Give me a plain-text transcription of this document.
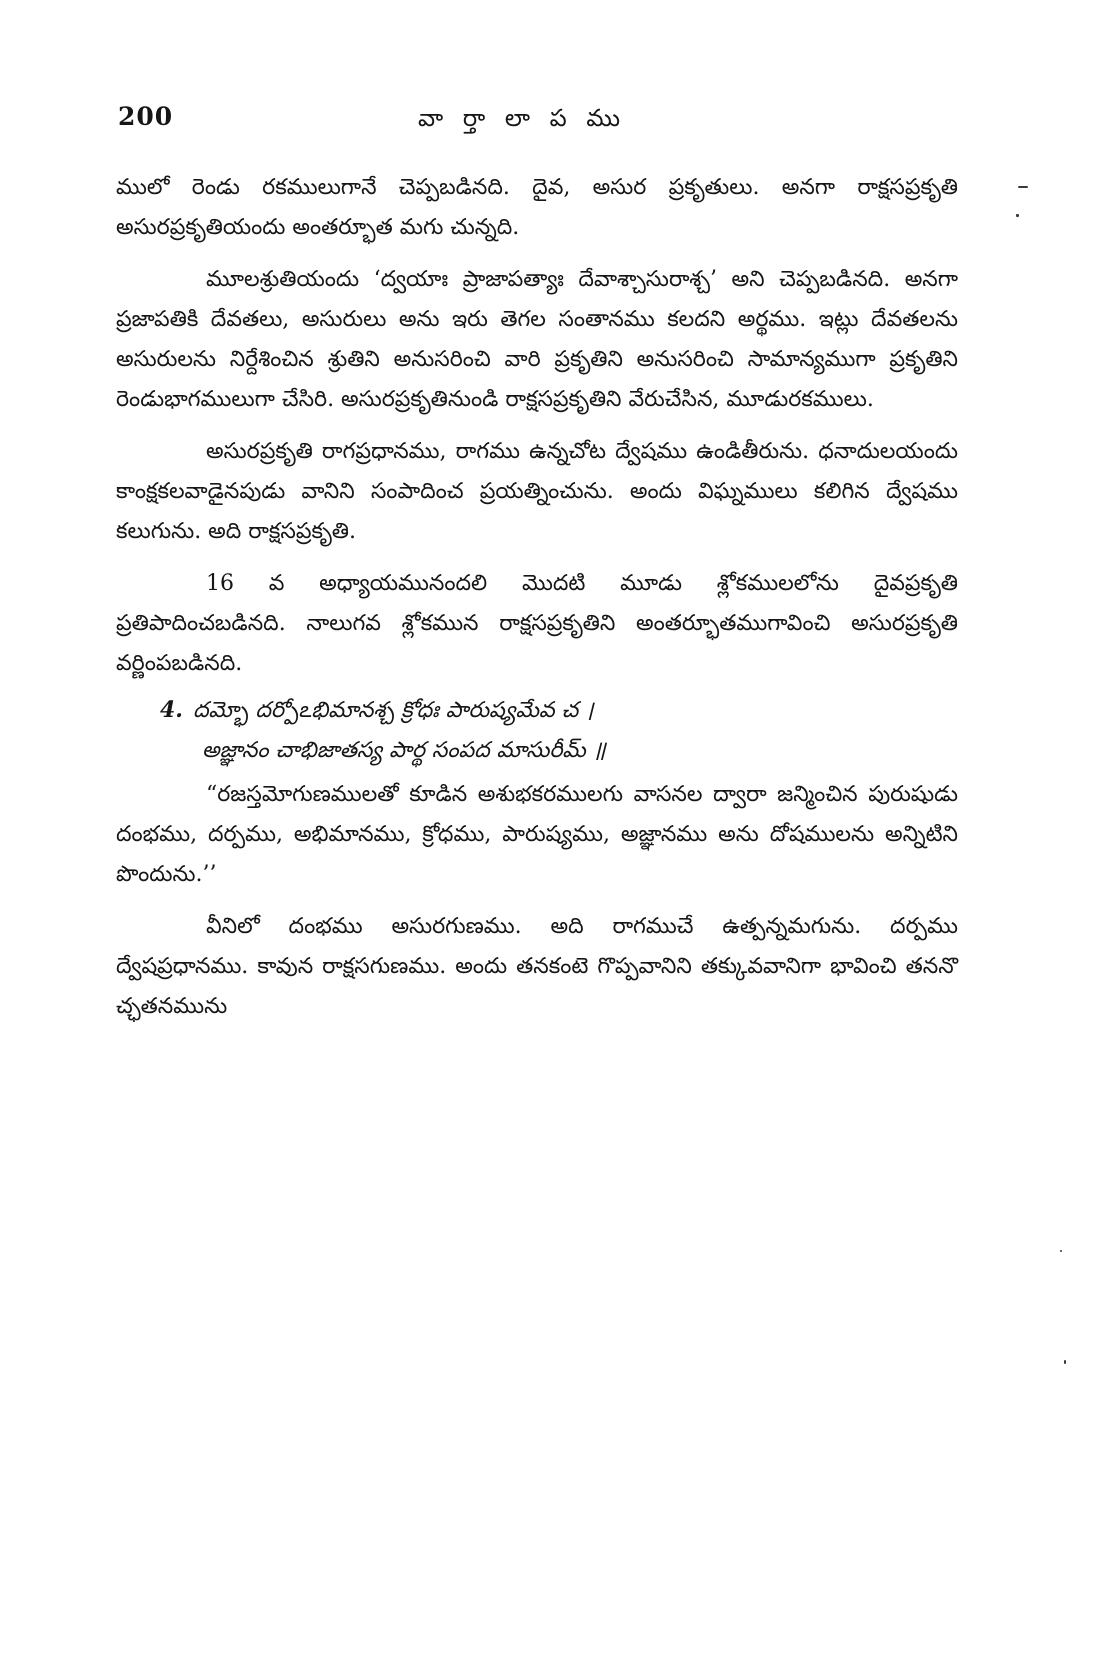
200	వా ర్తా లా ప ము

ములో రెండు రకములుగానే చెప్పబడినది. దైవ, అసుర ప్రకృతులు. అనగా రాక్షసప్రకృతి అసురప్రకృతియందు అంతర్భూత మగు చున్నది.

మూలశ్రుతియందు ‘ద్వయాః ప్రాజాపత్యాః దేవాశ్చాసురాశ్చ’ అని చెప్పబడినది. అనగా ప్రజాపతికి దేవతలు, అసురులు అను ఇరు తెగల సంతానము కలదని అర్థము. ఇట్లు దేవతలను అసురులను నిర్దేశించిన శ్రుతిని అనుసరించి వారి ప్రకృతిని అనుసరించి సామాన్యముగా ప్రకృతిని రెండుభాగములుగా చేసిరి. అసురప్రకృతినుండి రాక్షసప్రకృతిని వేరుచేసిన, మూడురకములు.

అసురప్రకృతి రాగప్రధానము, రాగము ఉన్నచోట ద్వేషము ఉండితీరును. ధనాదులయందు కాంక్షకలవాడైనపుడు వానిని సంపాదించ ప్రయత్నించును. అందు విఘ్నములు కలిగిన ద్వేషము కలుగును. అది రాక్షసప్రకృతి.

16 వ అధ్యాయమునందలి మొదటి మూడు శ్లోకములలోను దైవప్రకృతి ప్రతిపాదించబడినది. నాలుగవ శ్లోకమున రాక్షసప్రకృతిని అంతర్భూతముగావించి అసురప్రకృతి వర్ణింపబడినది.

4. దమ్భో దర్పోఽభిమానశ్చ క్రోధః పారుష్యమేవ చ ।

అజ్ఞానం చాభిజాతస్య పార్థ సంపద మాసురీమ్ ॥

“రజస్తమోగుణములతో కూడిన అశుభకరములగు వాసనల ద్వారా జన్మించిన పురుషుడు దంభము, దర్పము, అభిమానము, క్రోధము, పారుష్యము, అజ్ఞానము అను దోషములను అన్నిటిని పొందును.’’

వీనిలో దంభము అసురగుణము. అది రాగముచే ఉత్పన్నమగును. దర్పము ద్వేషప్రధానము. కావున రాక్షసగుణము. అందు తనకంటె గొప్పవానిని తక్కువవానిగా భావించి తననొ చ్ఛతనమును
